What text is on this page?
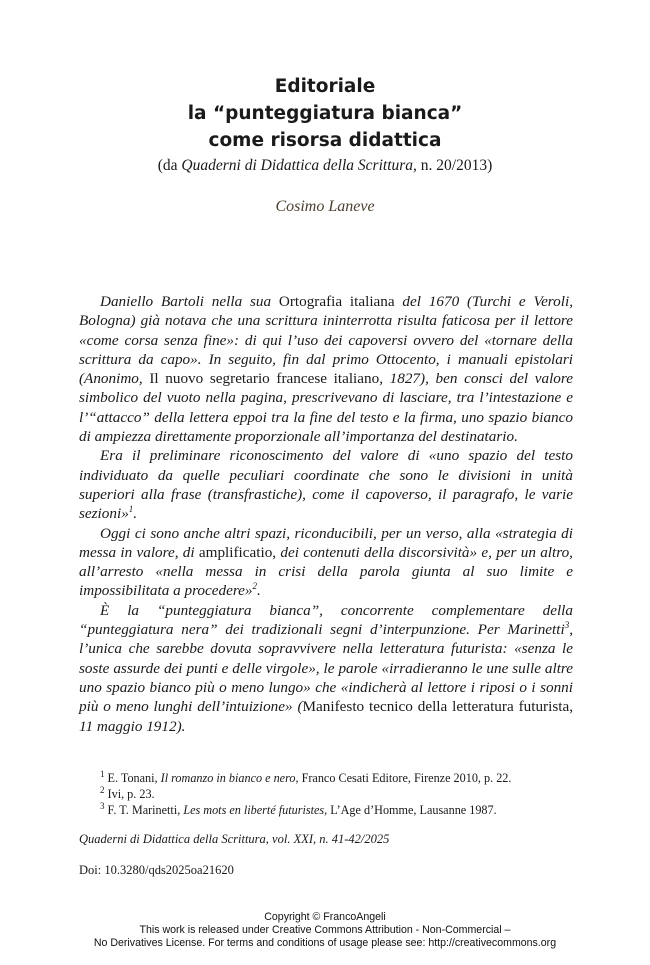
Editoriale
la “punteggiatura bianca”
come risorsa didattica
(da Quaderni di Didattica della Scrittura, n. 20/2013)
Cosimo Laneve

Daniello Bartoli nella sua Ortografia italiana del 1670 (Turchi e Veroli, Bologna) già notava che una scrittura ininterrotta risulta faticosa per il lettore «come corsa senza fine»: di qui l’uso dei capoversi ovvero del «tornare della scrittura da capo». In seguito, fin dal primo Ottocento, i manuali epistolari (Anonimo, Il nuovo segretario francese italiano, 1827), ben consci del valore simbolico del vuoto nella pagina, prescrivevano di lasciare, tra l’intestazione e l’“attacco” della lettera eppoi tra la fine del testo e la firma, uno spazio bianco di ampiezza direttamente proporzionale all’importanza del destinatario.

Era il preliminare riconoscimento del valore di «uno spazio del testo individuato da quelle peculiari coordinate che sono le divisioni in unità superiori alla frase (transfrastiche), come il capoverso, il paragrafo, le varie sezioni»$^1$.

Oggi ci sono anche altri spazi, riconducibili, per un verso, alla «strategia di messa in valore, di amplificatio, dei contenuti della discorsività» e, per un altro, all’arresto «nella messa in crisi della parola giunta al suo limite e impossibilitata a procedere»$^2$.

È la “punteggiatura bianca”, concorrente complementare della “punteggiatura nera” dei tradizionali segni d’interpunzione. Per Marinetti$^3$, l’unica che sarebbe dovuta sopravvivere nella letteratura futurista: «senza le soste assurde dei punti e delle virgole», le parole «irradieranno le une sulle altre uno spazio bianco più o meno lungo» che «indicherà al lettore i riposi o i sonni più o meno lunghi dell’intuizione» (Manifesto tecnico della letteratura futurista, 11 maggio 1912).

$^1$ E. Tonani, Il romanzo in bianco e nero, Franco Cesati Editore, Firenze 2010, p. 22.
$^2$ Ivi, p. 23.
$^3$ F. T. Marinetti, Les mots en liberté futuristes, L’Age d’Homme, Lausanne 1987.
Quaderni di Didattica della Scrittura, vol. XXI, n. 41-42/2025
Doi: 10.3280/qds2025oa21620
Copyright © FrancoAngeli
This work is released under Creative Commons Attribution - Non-Commercial –
No Derivatives License. For terms and conditions of usage please see: http://creativecommons.org
